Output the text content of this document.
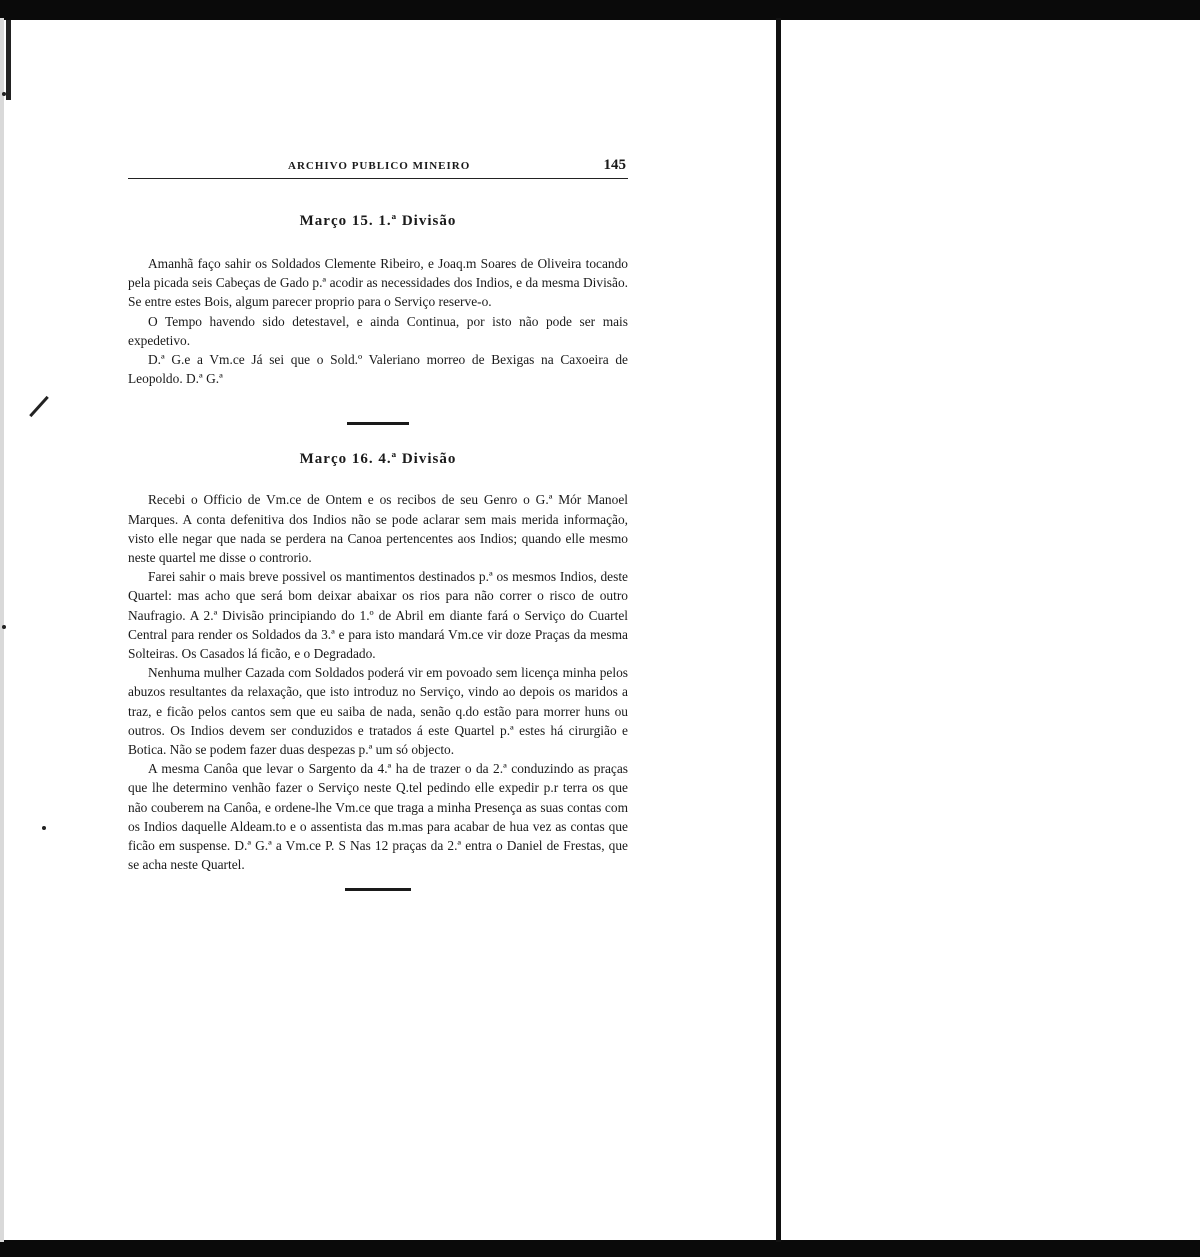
ARCHIVO PUBLICO MINEIRO	145
Março 15. 1.ª Divisão

Amanhã faço sahir os Soldados Clemente Ribeiro, e Joaq.m Soares de Oliveira tocando pela picada seis Cabeças de Gado p.ª acodir as necessidades dos Indios, e da mesma Divisão. Se entre estes Bois, algum parecer proprio para o Serviço reserve-o.

O Tempo havendo sido detestavel, e ainda Continua, por isto não pode ser mais expedetivo.

D.ª G.e a Vm.ce Já sei que o Sold.º Valeriano morreo de Bexigas na Caxoeira de Leopoldo. D.ª G.ª

Março 16. 4.ª Divisão

Recebi o Officio de Vm.ce de Ontem e os recibos de seu Genro o G.ª Mór Manoel Marques. A conta defenitiva dos Indios não se pode aclarar sem mais merida informação, visto elle negar que nada se perdera na Canoa pertencentes aos Indios; quando elle mesmo neste quartel me disse o controrio.

Farei sahir o mais breve possivel os mantimentos destinados p.ª os mesmos Indios, deste Quartel: mas acho que será bom deixar abaixar os rios para não correr o risco de outro Naufragio. A 2.ª Divisão principiando do 1.º de Abril em diante fará o Serviço do Cuartel Central para render os Soldados da 3.ª e para isto mandará Vm.ce vir doze Praças da mesma Solteiras. Os Casados lá ficão, e o Degradado.

Nenhuma mulher Cazada com Soldados poderá vir em povoado sem licença minha pelos abuzos resultantes da relaxação, que isto introduz no Serviço, vindo ao depois os maridos a traz, e ficão pelos cantos sem que eu saiba de nada, senão q.do estão para morrer huns ou outros. Os Indios devem ser conduzidos e tratados á este Quartel p.ª estes há cirurgião e Botica. Não se podem fazer duas despezas p.ª um só objecto.

A mesma Canôa que levar o Sargento da 4.ª ha de trazer o da 2.ª conduzindo as praças que lhe determino venhão fazer o Serviço neste Q.tel pedindo elle expedir p.r terra os que não couberem na Canôa, e ordene-lhe Vm.ce que traga a minha Presença as suas contas com os Indios daquelle Aldeam.to e o assentista das m.mas para acabar de hua vez as contas que ficão em suspense. D.ª G.ª a Vm.ce P. S Nas 12 praças da 2.ª entra o Daniel de Frestas, que se acha neste Quartel.
